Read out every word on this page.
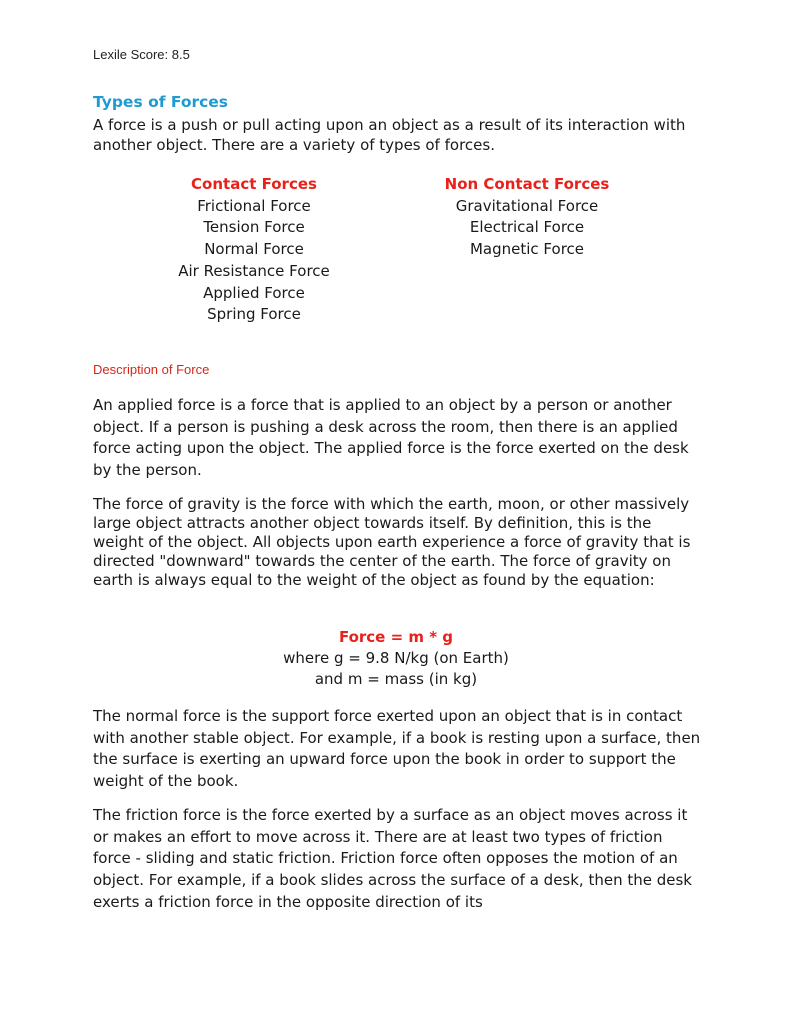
Lexile Score: 8.5
Types of Forces
A force is a push or pull acting upon an object as a result of its interaction with another object. There are a variety of types of forces.
Contact Forces
Frictional Force
Tension Force
Normal Force
Air Resistance Force
Applied Force
Spring Force
Non Contact Forces
Gravitational Force
Electrical Force
Magnetic Force
Description of Force
An applied force is a force that is applied to an object by a person or another object. If a person is pushing a desk across the room, then there is an applied force acting upon the object. The applied force is the force exerted on the desk by the person.
The force of gravity is the force with which the earth, moon, or other massively large object attracts another object towards itself. By definition, this is the weight of the object. All objects upon earth experience a force of gravity that is directed "downward" towards the center of the earth. The force of gravity on earth is always equal to the weight of the object as found by the equation:
Force = m * g
where g = 9.8 N/kg (on Earth)
and m = mass (in kg)
The normal force is the support force exerted upon an object that is in contact with another stable object. For example, if a book is resting upon a surface, then the surface is exerting an upward force upon the book in order to support the weight of the book.
The friction force is the force exerted by a surface as an object moves across it or makes an effort to move across it. There are at least two types of friction force - sliding and static friction. Friction force often opposes the motion of an object. For example, if a book slides across the surface of a desk, then the desk exerts a friction force in the opposite direction of its
